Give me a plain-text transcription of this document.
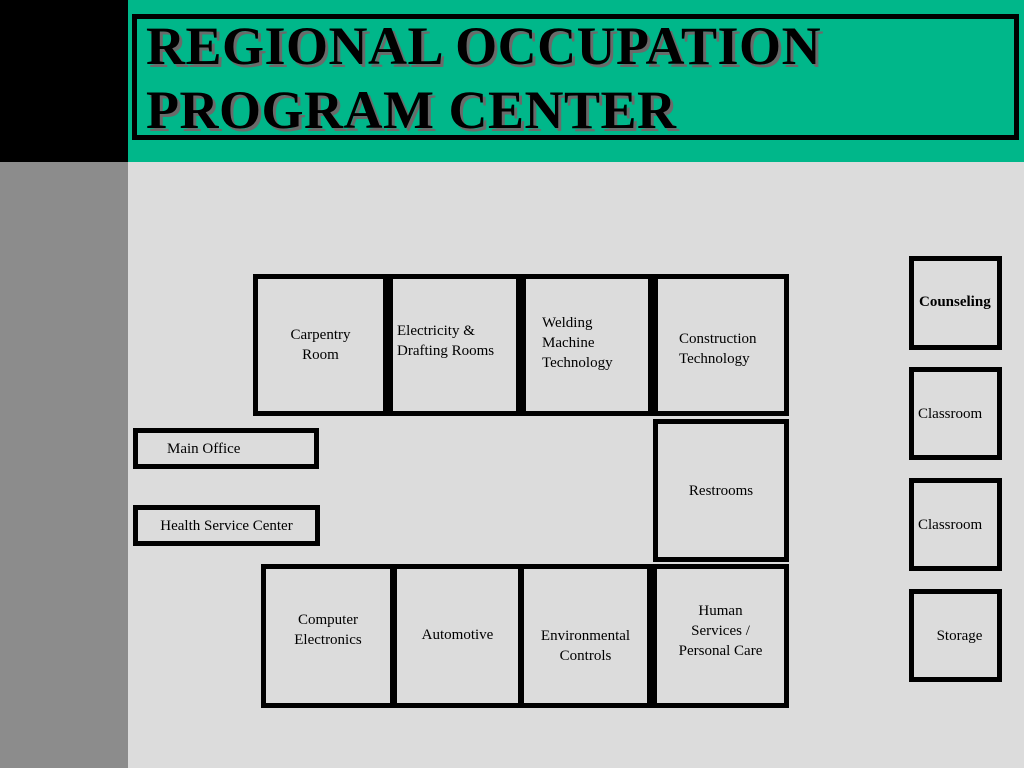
REGIONAL OCCUPATION
PROGRAM CENTER
Carpentry
Room
Electricity &
Drafting Rooms
Welding
Machine
Technology
Construction
Technology
Main Office
Health Service Center
Restrooms
Computer
Electronics	Automotive	Environmental
Controls
Human
Services /
Personal Care
Counseling
Classroom
Classroom
Storage
